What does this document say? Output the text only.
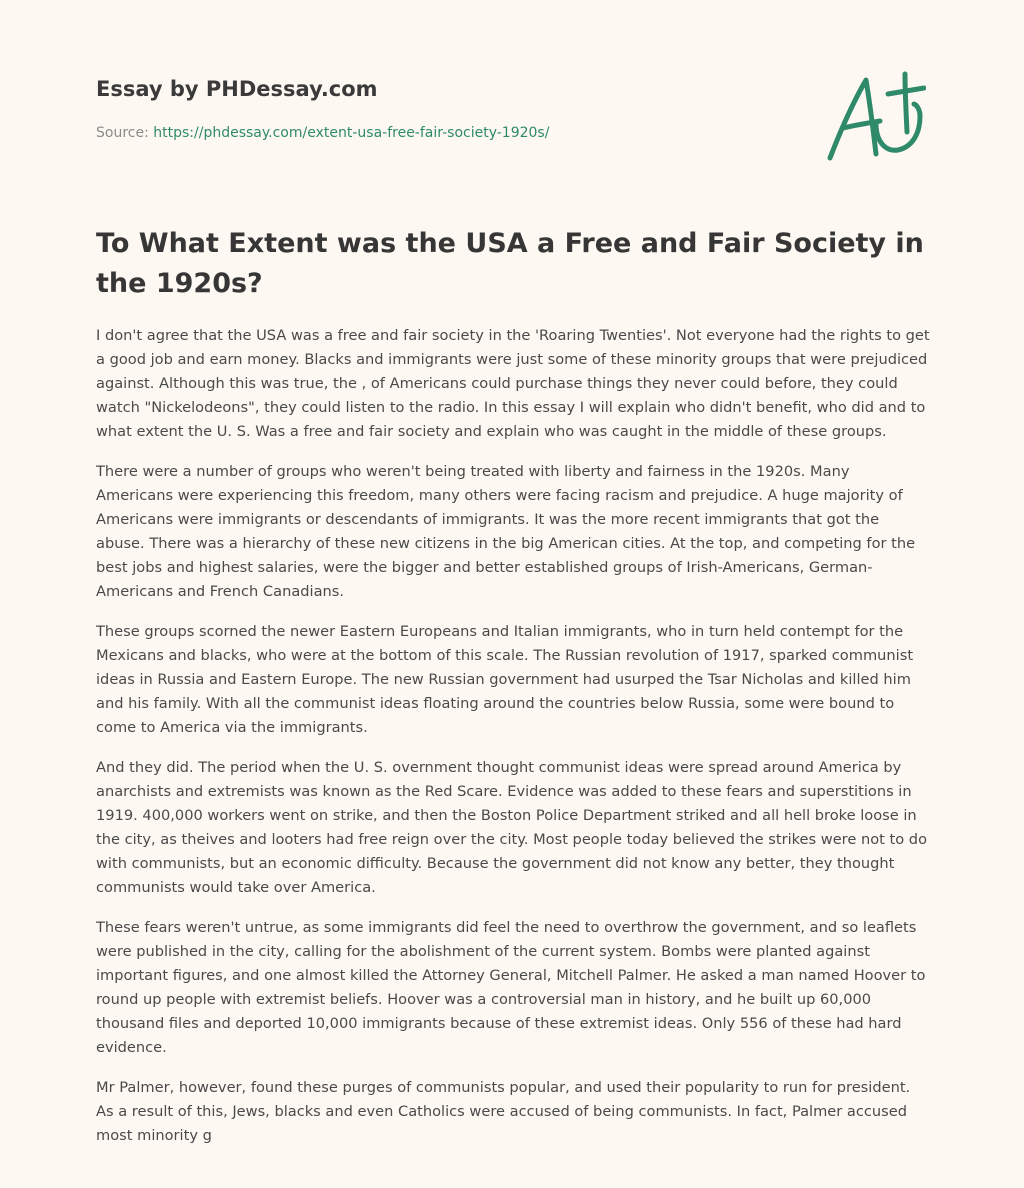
Essay by PHDessay.com
Source: https://phdessay.com/extent-usa-free-fair-society-1920s/
To What Extent was the USA a Free and Fair Society in the 1920s?

I don't agree that the USA was a free and fair society in the 'Roaring Twenties'. Not everyone had the rights to get a good job and earn money. Blacks and immigrants were just some of these minority groups that were prejudiced against. Although this was true, the , of Americans could purchase things they never could before, they could watch "Nickelodeons", they could listen to the radio. In this essay I will explain who didn't benefit, who did and to what extent the U. S. Was a free and fair society and explain who was caught in the middle of these groups.

There were a number of groups who weren't being treated with liberty and fairness in the 1920s. Many Americans were experiencing this freedom, many others were facing racism and prejudice. A huge majority of Americans were immigrants or descendants of immigrants. It was the more recent immigrants that got the abuse. There was a hierarchy of these new citizens in the big American cities. At the top, and competing for the best jobs and highest salaries, were the bigger and better established groups of Irish-Americans, German-Americans and French Canadians.

These groups scorned the newer Eastern Europeans and Italian immigrants, who in turn held contempt for the Mexicans and blacks, who were at the bottom of this scale. The Russian revolution of 1917, sparked communist ideas in Russia and Eastern Europe. The new Russian government had usurped the Tsar Nicholas and killed him and his family. With all the communist ideas floating around the countries below Russia, some were bound to come to America via the immigrants.

And they did. The period when the U. S. overnment thought communist ideas were spread around America by anarchists and extremists was known as the Red Scare. Evidence was added to these fears and superstitions in 1919. 400,000 workers went on strike, and then the Boston Police Department striked and all hell broke loose in the city, as theives and looters had free reign over the city. Most people today believed the strikes were not to do with communists, but an economic difficulty. Because the government did not know any better, they thought communists would take over America.

These fears weren't untrue, as some immigrants did feel the need to overthrow the government, and so leaflets were published in the city, calling for the abolishment of the current system. Bombs were planted against important figures, and one almost killed the Attorney General, Mitchell Palmer. He asked a man named Hoover to round up people with extremist beliefs. Hoover was a controversial man in history, and he built up 60,000 thousand files and deported 10,000 immigrants because of these extremist ideas. Only 556 of these had hard evidence.

Mr Palmer, however, found these purges of communists popular, and used their popularity to run for president. As a result of this, Jews, blacks and even Catholics were accused of being communists. In fact, Palmer accused most minority g
